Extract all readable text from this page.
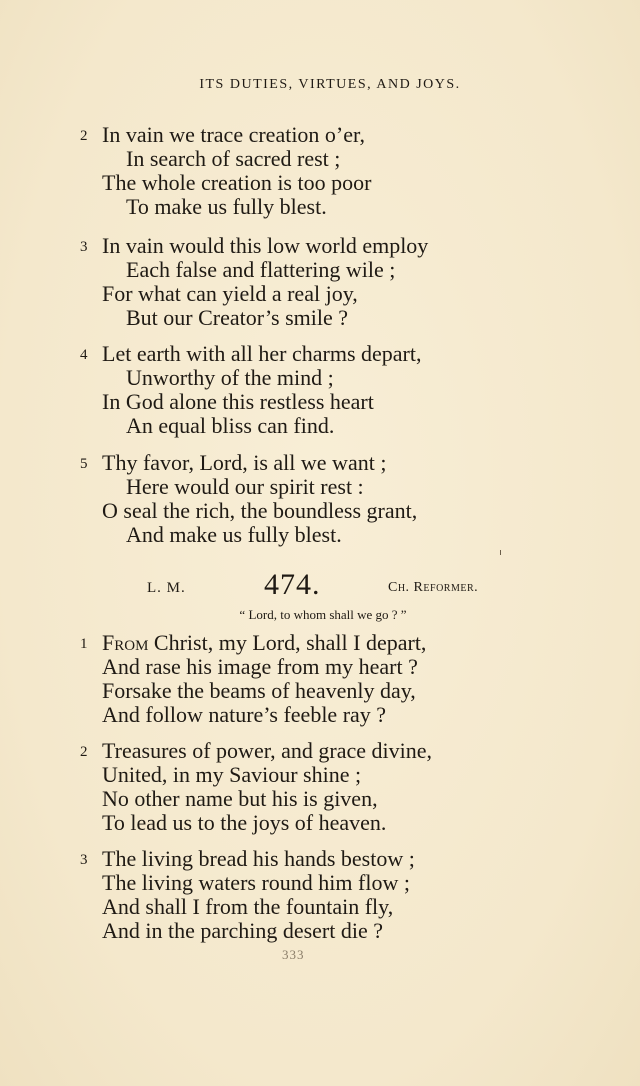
ITS DUTIES, VIRTUES, AND JOYS.
2 In vain we trace creation o’er,
In search of sacred rest ;
The whole creation is too poor
To make us fully blest.
3 In vain would this low world employ
Each false and flattering wile ;
For what can yield a real joy,
But our Creator’s smile ?
4 Let earth with all her charms depart,
Unworthy of the mind ;
In God alone this restless heart
An equal bliss can find.
5 Thy favor, Lord, is all we want ;
Here would our spirit rest :
O seal the rich, the boundless grant,
And make us fully blest.
L. M.	474.	Ch. Reformer.
“ Lord, to whom shall we go ? ”
1 From Christ, my Lord, shall I depart,
And rase his image from my heart ?
Forsake the beams of heavenly day,
And follow nature’s feeble ray ?
2 Treasures of power, and grace divine,
United, in my Saviour shine ;
No other name but his is given,
To lead us to the joys of heaven.
3 The living bread his hands bestow ;
The living waters round him flow ;
And shall I from the fountain fly,
And in the parching desert die ?
333
